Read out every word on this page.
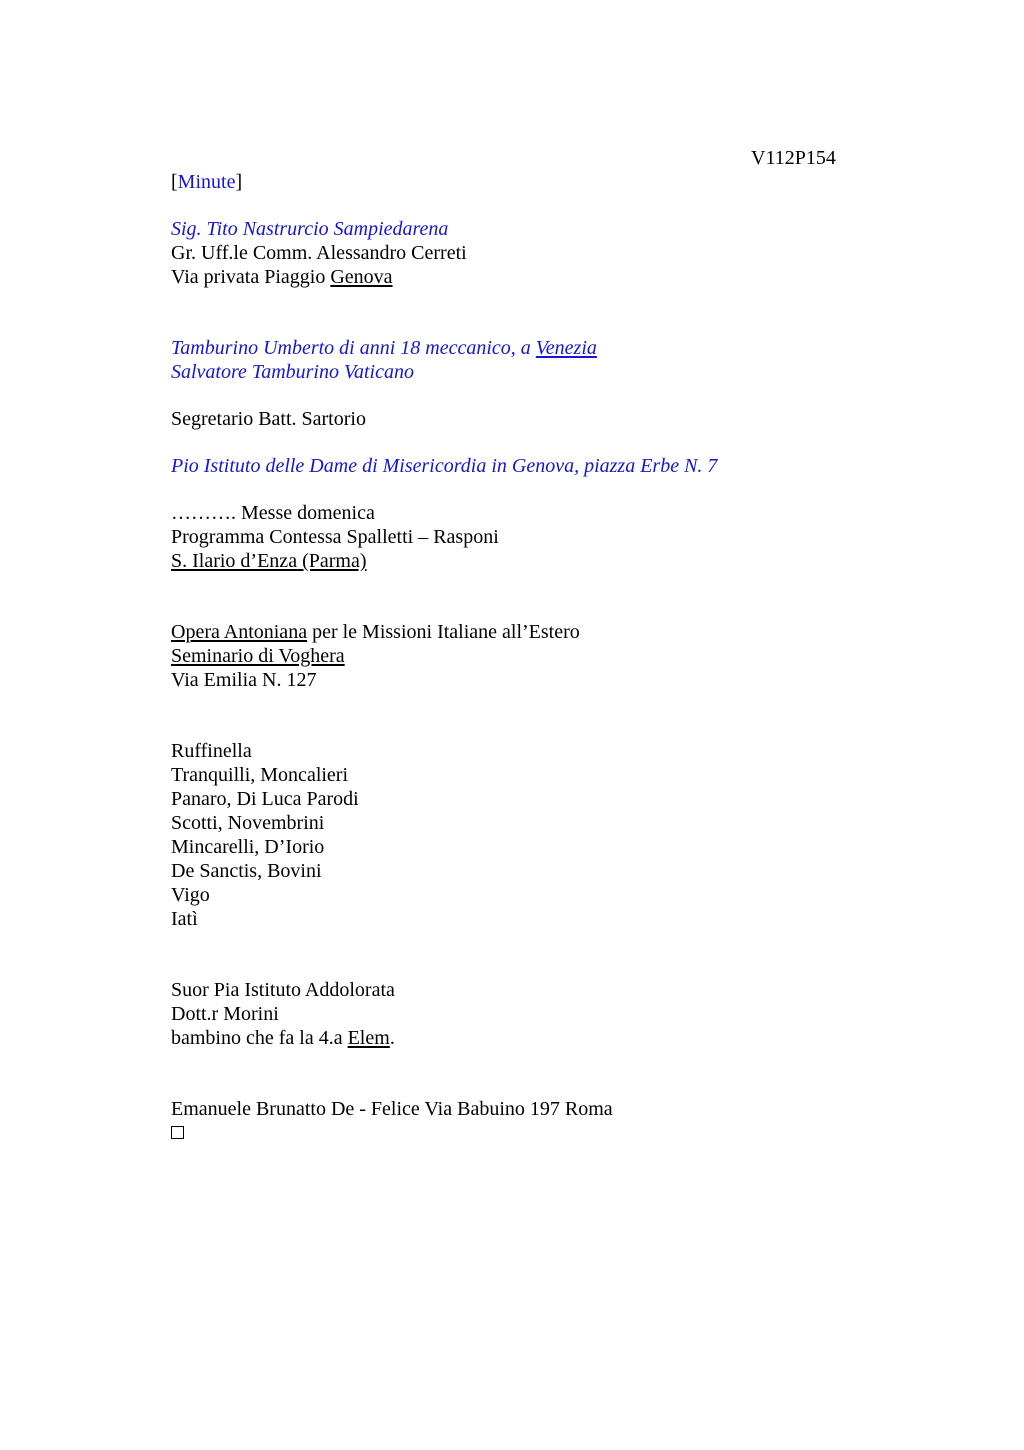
V112P154
[Minute]
Sig. Tito Nastrurcio Sampiedarena
Gr. Uff.le Comm. Alessandro Cerreti
Via privata Piaggio Genova
Tamburino Umberto di anni 18 meccanico, a Venezia
Salvatore Tamburino Vaticano
Segretario Batt. Sartorio
Pio Istituto delle Dame di Misericordia in Genova, piazza Erbe N. 7
………. Messe domenica
Programma Contessa Spalletti – Rasponi
S. Ilario d’Enza (Parma)
Opera Antoniana per le Missioni Italiane all’Estero
Seminario di Voghera
Via Emilia N. 127
Ruffinella
Tranquilli, Moncalieri
Panaro, Di Luca Parodi
Scotti, Novembrini
Mincarelli, D’Iorio
De Sanctis, Bovini
Vigo
Iatì
Suor Pia Istituto Addolorata
Dott.r Morini
bambino che fa la 4.a Elem.
Emanuele Brunatto De - Felice Via Babuino 197 Roma
